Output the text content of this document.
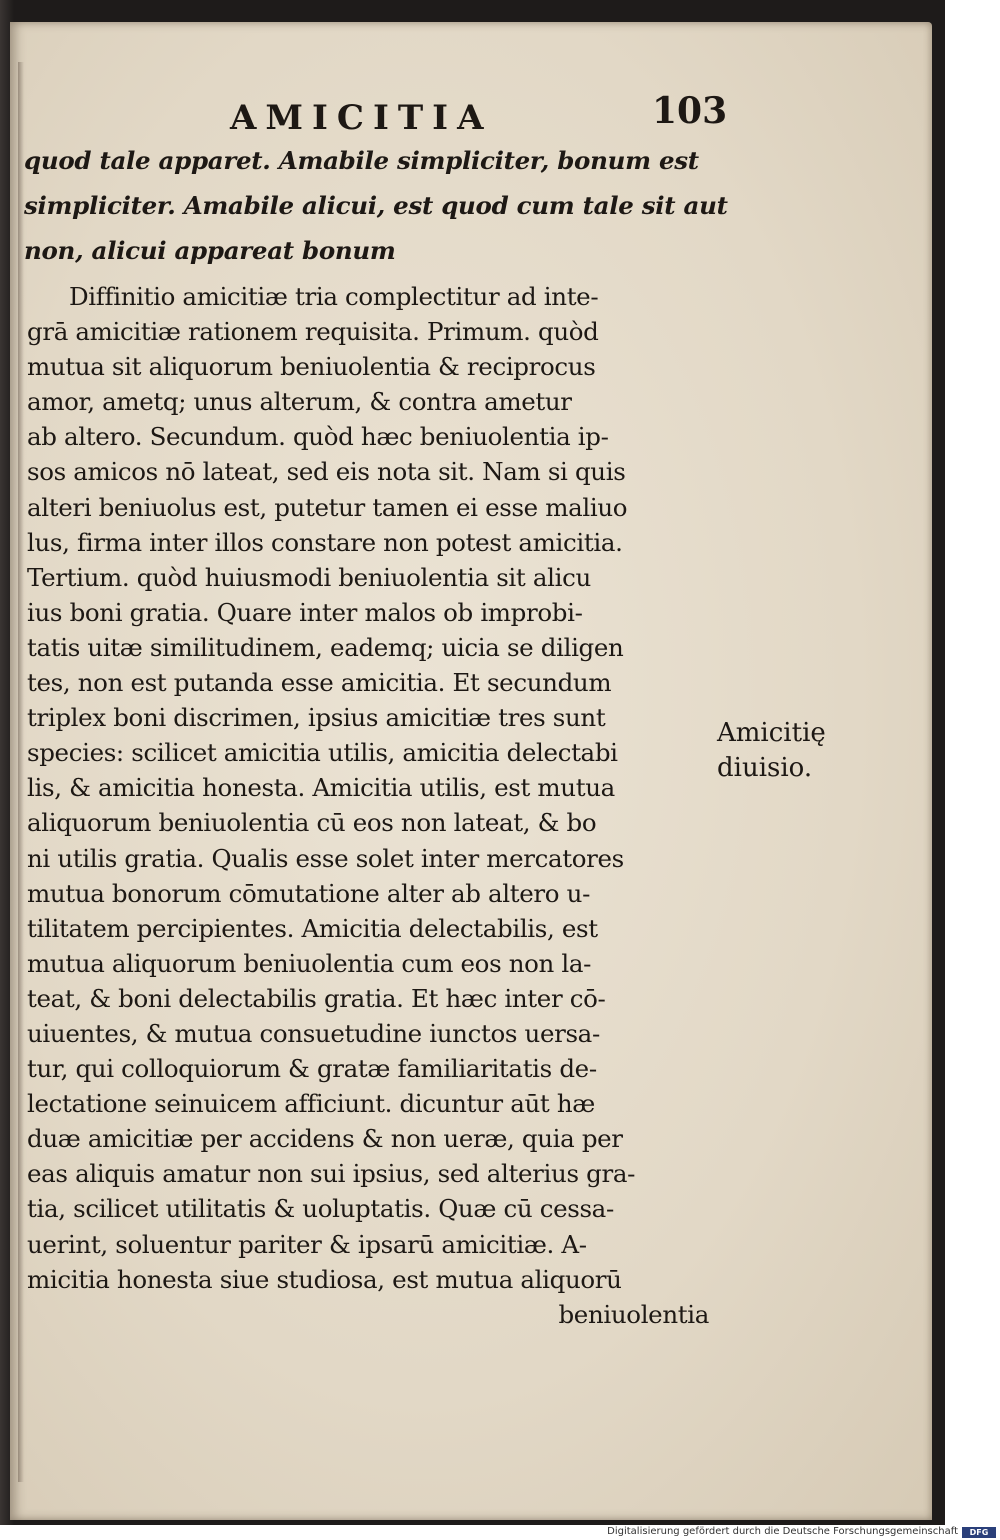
AMICITIA	103
quod tale apparet. Amabile simpliciter, bonum est
simpliciter. Amabile alicui, est quod cum tale sit aut
non, alicui appareat bonum
Diffinitio amicitiæ tria complectitur ad inte-
grā amicitiæ rationem requisita. Primum. quòd
mutua sit aliquorum beniuolentia & reciprocus
amor, ametq; unus alterum, & contra ametur
ab altero. Secundum. quòd hæc beniuolentia ip-
sos amicos nō lateat, sed eis nota sit. Nam si quis
alteri beniuolus est, putetur tamen ei esse maliuo
lus, firma inter illos constare non potest amicitia.
Tertium. quòd huiusmodi beniuolentia sit alicu
ius boni gratia. Quare inter malos ob improbi-
tatis uitæ similitudinem, eademq; uicia se diligen
tes, non est putanda esse amicitia. Et secundum
triplex boni discrimen, ipsius amicitiæ tres sunt
species: scilicet amicitia utilis, amicitia delectabi
lis, & amicitia honesta. Amicitia utilis, est mutua
aliquorum beniuolentia cū eos non lateat, & bo
ni utilis gratia. Qualis esse solet inter mercatores
mutua bonorum cōmutatione alter ab altero u-
tilitatem percipientes. Amicitia delectabilis, est
mutua aliquorum beniuolentia cum eos non la-
teat, & boni delectabilis gratia. Et hæc inter cō-
uiuentes, & mutua consuetudine iunctos uersa-
tur, qui colloquiorum & gratæ familiaritatis de-
lectatione seinuicem afficiunt. dicuntur aūt hæ
duæ amicitiæ per accidens & non ueræ, quia per
eas aliquis amatur non sui ipsius, sed alterius gra-
tia, scilicet utilitatis & uoluptatis. Quæ cū cessa-
uerint, soluentur pariter & ipsarū amicitiæ. A-
micitia honesta siue studiosa, est mutua aliquorū
beniuolentia
Amicitię
diuisio.
Digitalisierung gefördert durch die Deutsche Forschungsgemeinschaft	DFG
